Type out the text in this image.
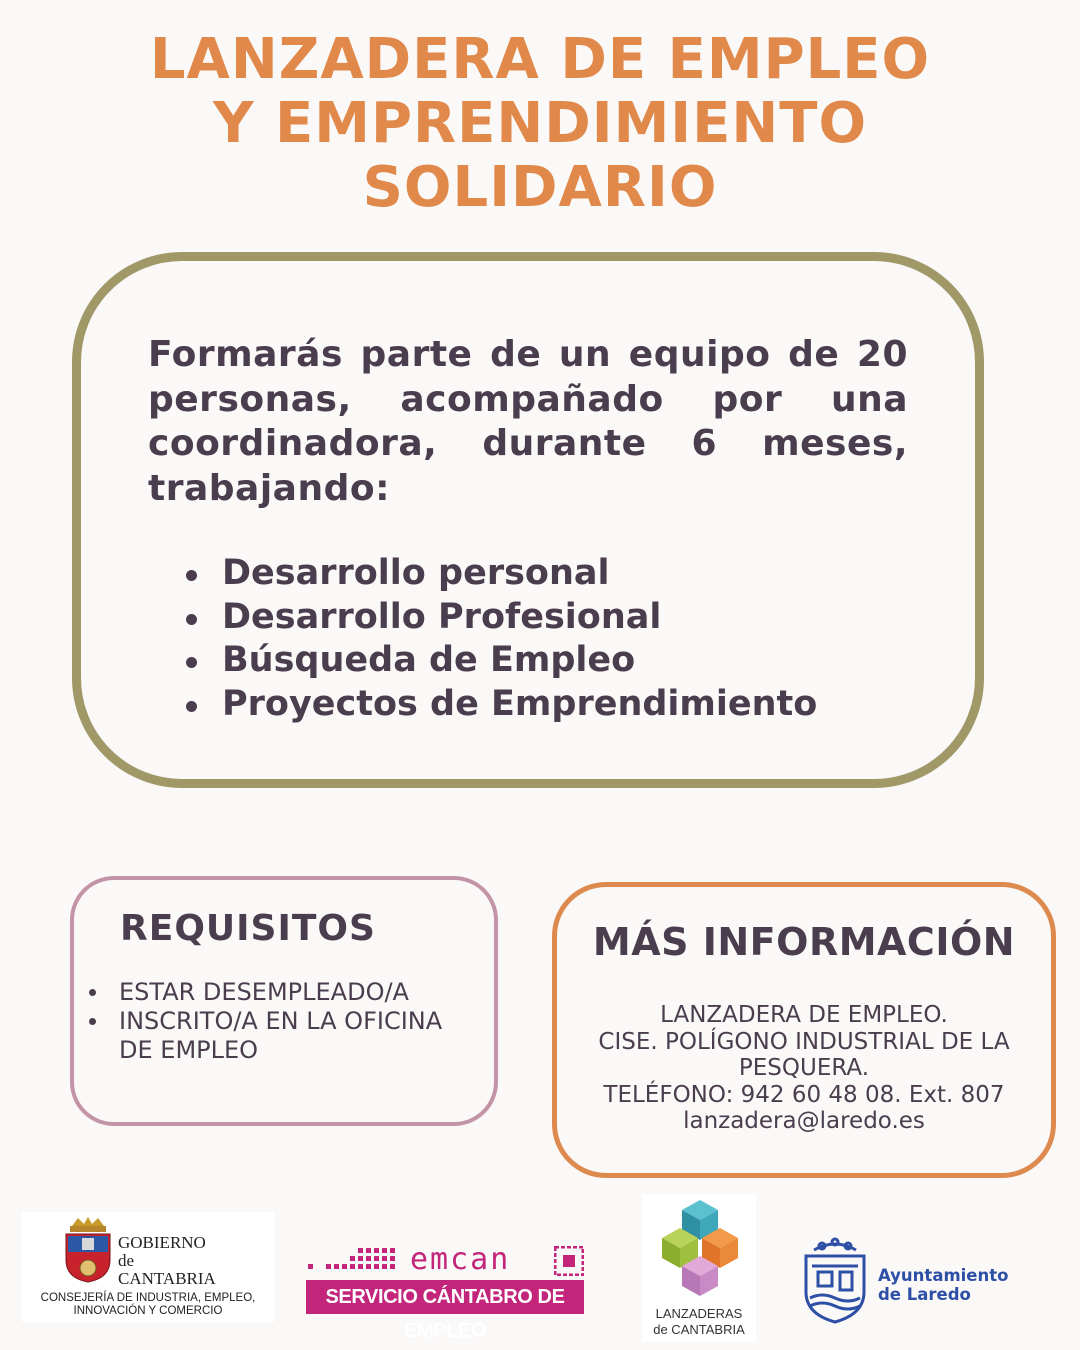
LANZADERA DE EMPLEO
Y EMPRENDIMIENTO
SOLIDARIO
Formarás parte de un equipo de 20 personas, acompañado por una coordinadora, durante 6 meses, trabajando:
Desarrollo personal
Desarrollo Profesional
Búsqueda de Empleo
Proyectos de Emprendimiento
REQUISITOS
ESTAR DESEMPLEADO/A
INSCRITO/A EN LA OFICINA DE EMPLEO
MÁS INFORMACIÓN
LANZADERA DE EMPLEO.
CISE. POLÍGONO INDUSTRIAL DE LA
PESQUERA.
TELÉFONO: 942 60 48 08. Ext. 807
lanzadera@laredo.es
GOBIERNO
de
CANTABRIA
CONSEJERÍA DE INDUSTRIA, EMPLEO,
INNOVACIÓN Y COMERCIO
emcan
SERVICIO CÁNTABRO DE EMPLEO
LANZADERAS
de CANTABRIA
Ayuntamiento
de Laredo
